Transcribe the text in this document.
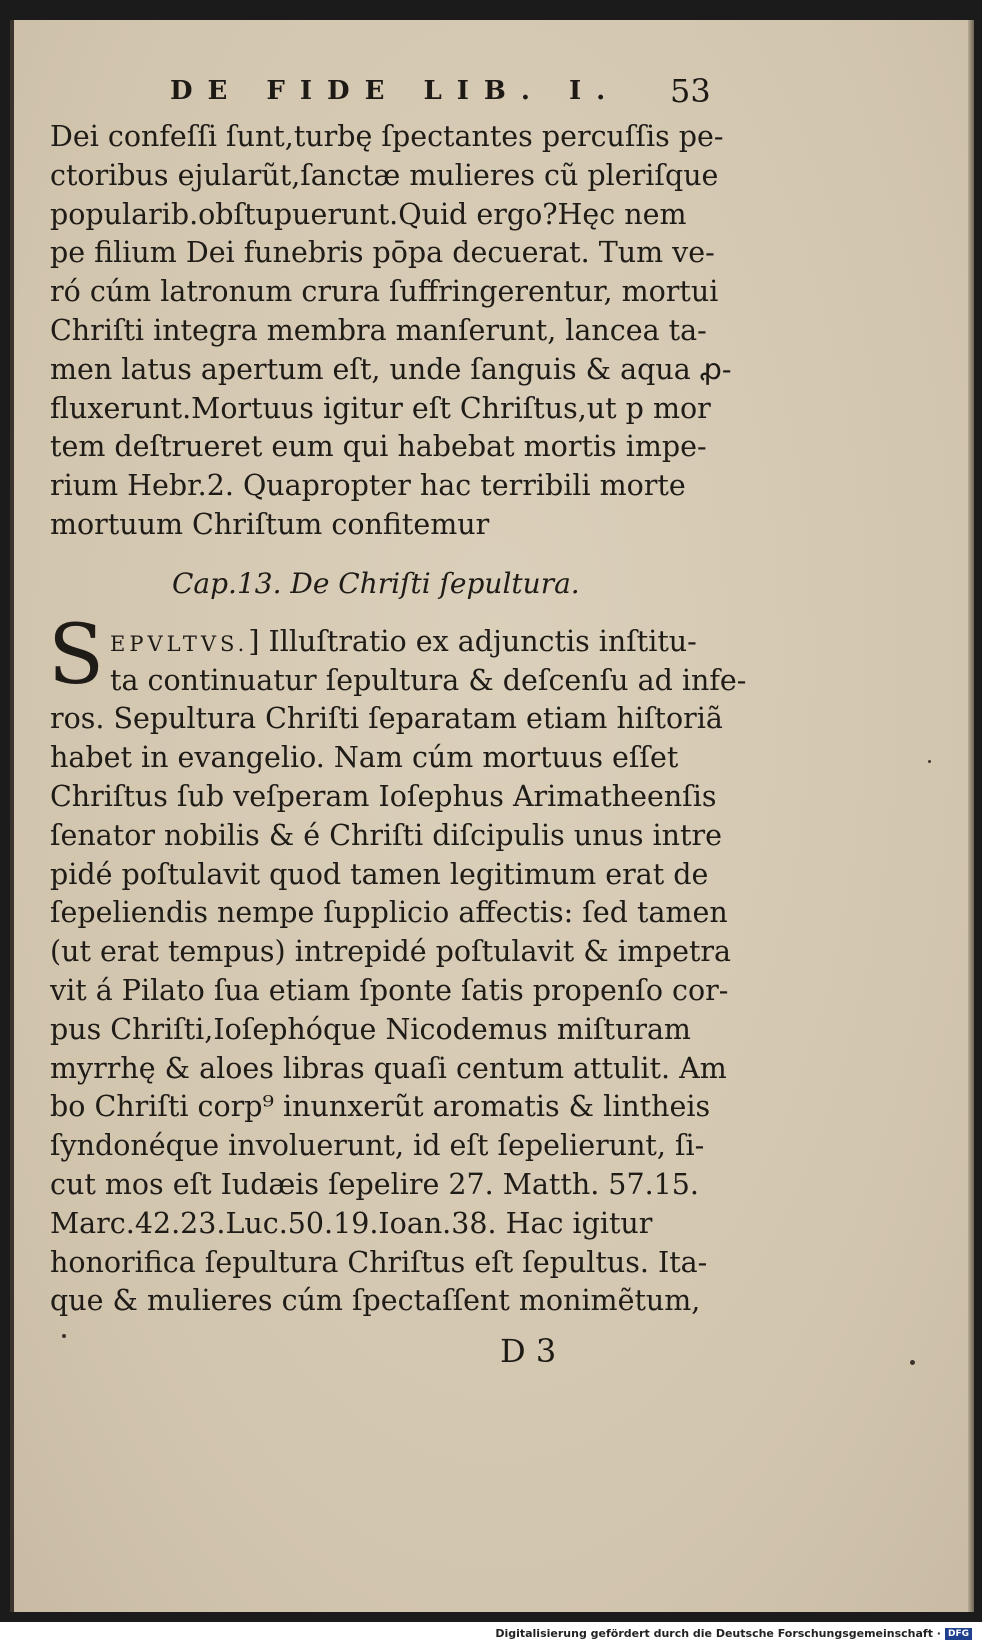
DE FIDE LIB. I.	53
Dei confeſſi ſunt,turbę ſpectantes percuſſis pe-
ctoribus ejularũt,ſanctæ mulieres cũ pleriſque
popularib.obſtupuerunt.Quid ergo?Hęc nem
pe filium Dei funebris pōpa decuerat. Tum ve-
ró cúm latronum crura ſuffringerentur, mortui
Chriſti integra membra manſerunt, lancea ta-
men latus apertum eſt, unde ſanguis & aqua ꝓ-
fluxerunt.Mortuus igitur eſt Chriſtus,ut p mor
tem deſtrueret eum qui habebat mortis impe-
rium Hebr.2. Quapropter hac terribili morte
mortuum Chriſtum confitemur
Cap.13. De Chriſti ſepultura.
S EPVLTVS.] Illuſtratio ex adjunctis inſtitu-
ta continuatur ſepultura & deſcenſu ad infe-
ros. Sepultura Chriſti ſeparatam etiam hiſtoriã
habet in evangelio. Nam cúm mortuus eſſet
Chriſtus ſub veſperam Ioſephus Arimatheenſis
ſenator nobilis & é Chriſti diſcipulis unus intre
pidé poſtulavit quod tamen legitimum erat de
ſepeliendis nempe ſupplicio affectis: ſed tamen
(ut erat tempus) intrepidé poſtulavit & impetra
vit á Pilato ſua etiam ſponte ſatis propenſo cor-
pus Chriſti,Ioſephóque Nicodemus miſturam
myrrhę & aloes libras quaſi centum attulit. Am
bo Chriſti corp⁹ inunxerũt aromatis & lintheis
ſyndonéque involuerunt, id eſt ſepelierunt, ſi-
cut mos eſt Iudæis ſepelire 27. Matth. 57.15.
Marc.42.23.Luc.50.19.Ioan.38. Hac igitur
honorifica ſepultura Chriſtus eſt ſepultus. Ita-
que & mulieres cúm ſpectaſſent monimẽtum,
D 3
Digitalisierung gefördert durch die Deutsche Forschungsgemeinschaft · DFG
